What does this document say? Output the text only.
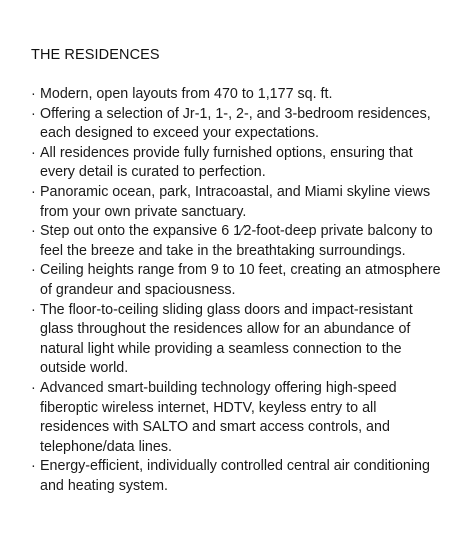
THE RESIDENCES
· Modern, open layouts from 470 to 1,177 sq. ft.
· Offering a selection of Jr-1, 1-, 2-, and 3-bedroom residences, each designed to exceed your expectations.
· All residences provide fully furnished options, ensuring that every detail is curated to perfection.
· Panoramic ocean, park, Intracoastal, and Miami skyline views from your own private sanctuary.
· Step out onto the expansive 6 1⁄2-foot-deep private balcony to feel the breeze and take in the breathtaking surroundings.
· Ceiling heights range from 9 to 10 feet, creating an atmosphere of grandeur and spaciousness.
· The floor-to-ceiling sliding glass doors and impact-resistant glass throughout the residences allow for an abundance of natural light while providing a seamless connection to the outside world.
· Advanced smart-building technology offering high-speed fiberoptic wireless internet, HDTV, keyless entry to all residences with SALTO and smart access controls, and telephone/data lines.
· Energy-efficient, individually controlled central air conditioning and heating system.
